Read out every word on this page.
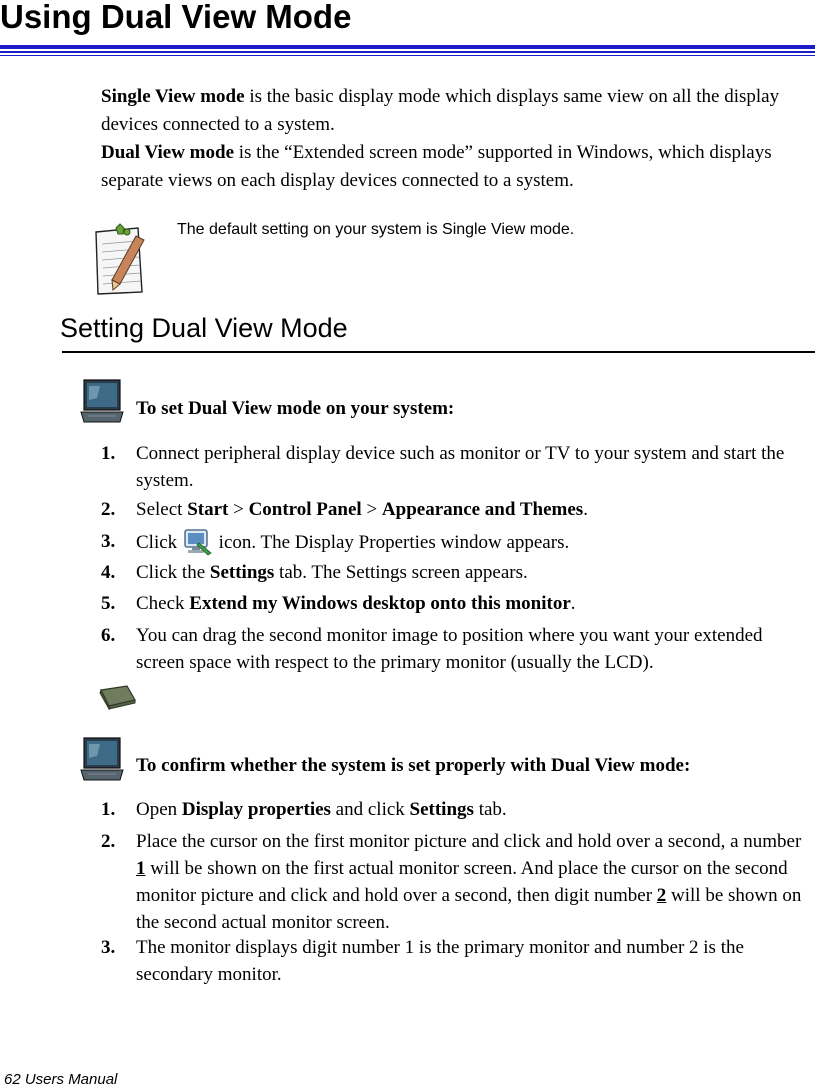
Using Dual View Mode
Single View mode is the basic display mode which displays same view on all the display devices connected to a system.
Dual View mode is the “Extended screen mode” supported in Windows, which displays separate views on each display devices connected to a system.
The default setting on your system is Single View mode.
Setting Dual View Mode
To set Dual View mode on your system:
1. Connect peripheral display device such as monitor or TV to your system and start the system.
2. Select Start > Control Panel > Appearance and Themes.
3. Click  icon. The Display Properties window appears.
4. Click the Settings tab. The Settings screen appears.
5. Check Extend my Windows desktop onto this monitor.
6. You can drag the second monitor image to position where you want your extended screen space with respect to the primary monitor (usually the LCD).
To confirm whether the system is set properly with Dual View mode:
1. Open Display properties and click Settings tab.
2. Place the cursor on the first monitor picture and click and hold over a second, a number 1 will be shown on the first actual monitor screen. And place the cursor on the second monitor picture and click and hold over a second, then digit number 2 will be shown on the second actual monitor screen.
3. The monitor displays digit number 1 is the primary monitor and number 2 is the secondary monitor.
62 Users Manual
